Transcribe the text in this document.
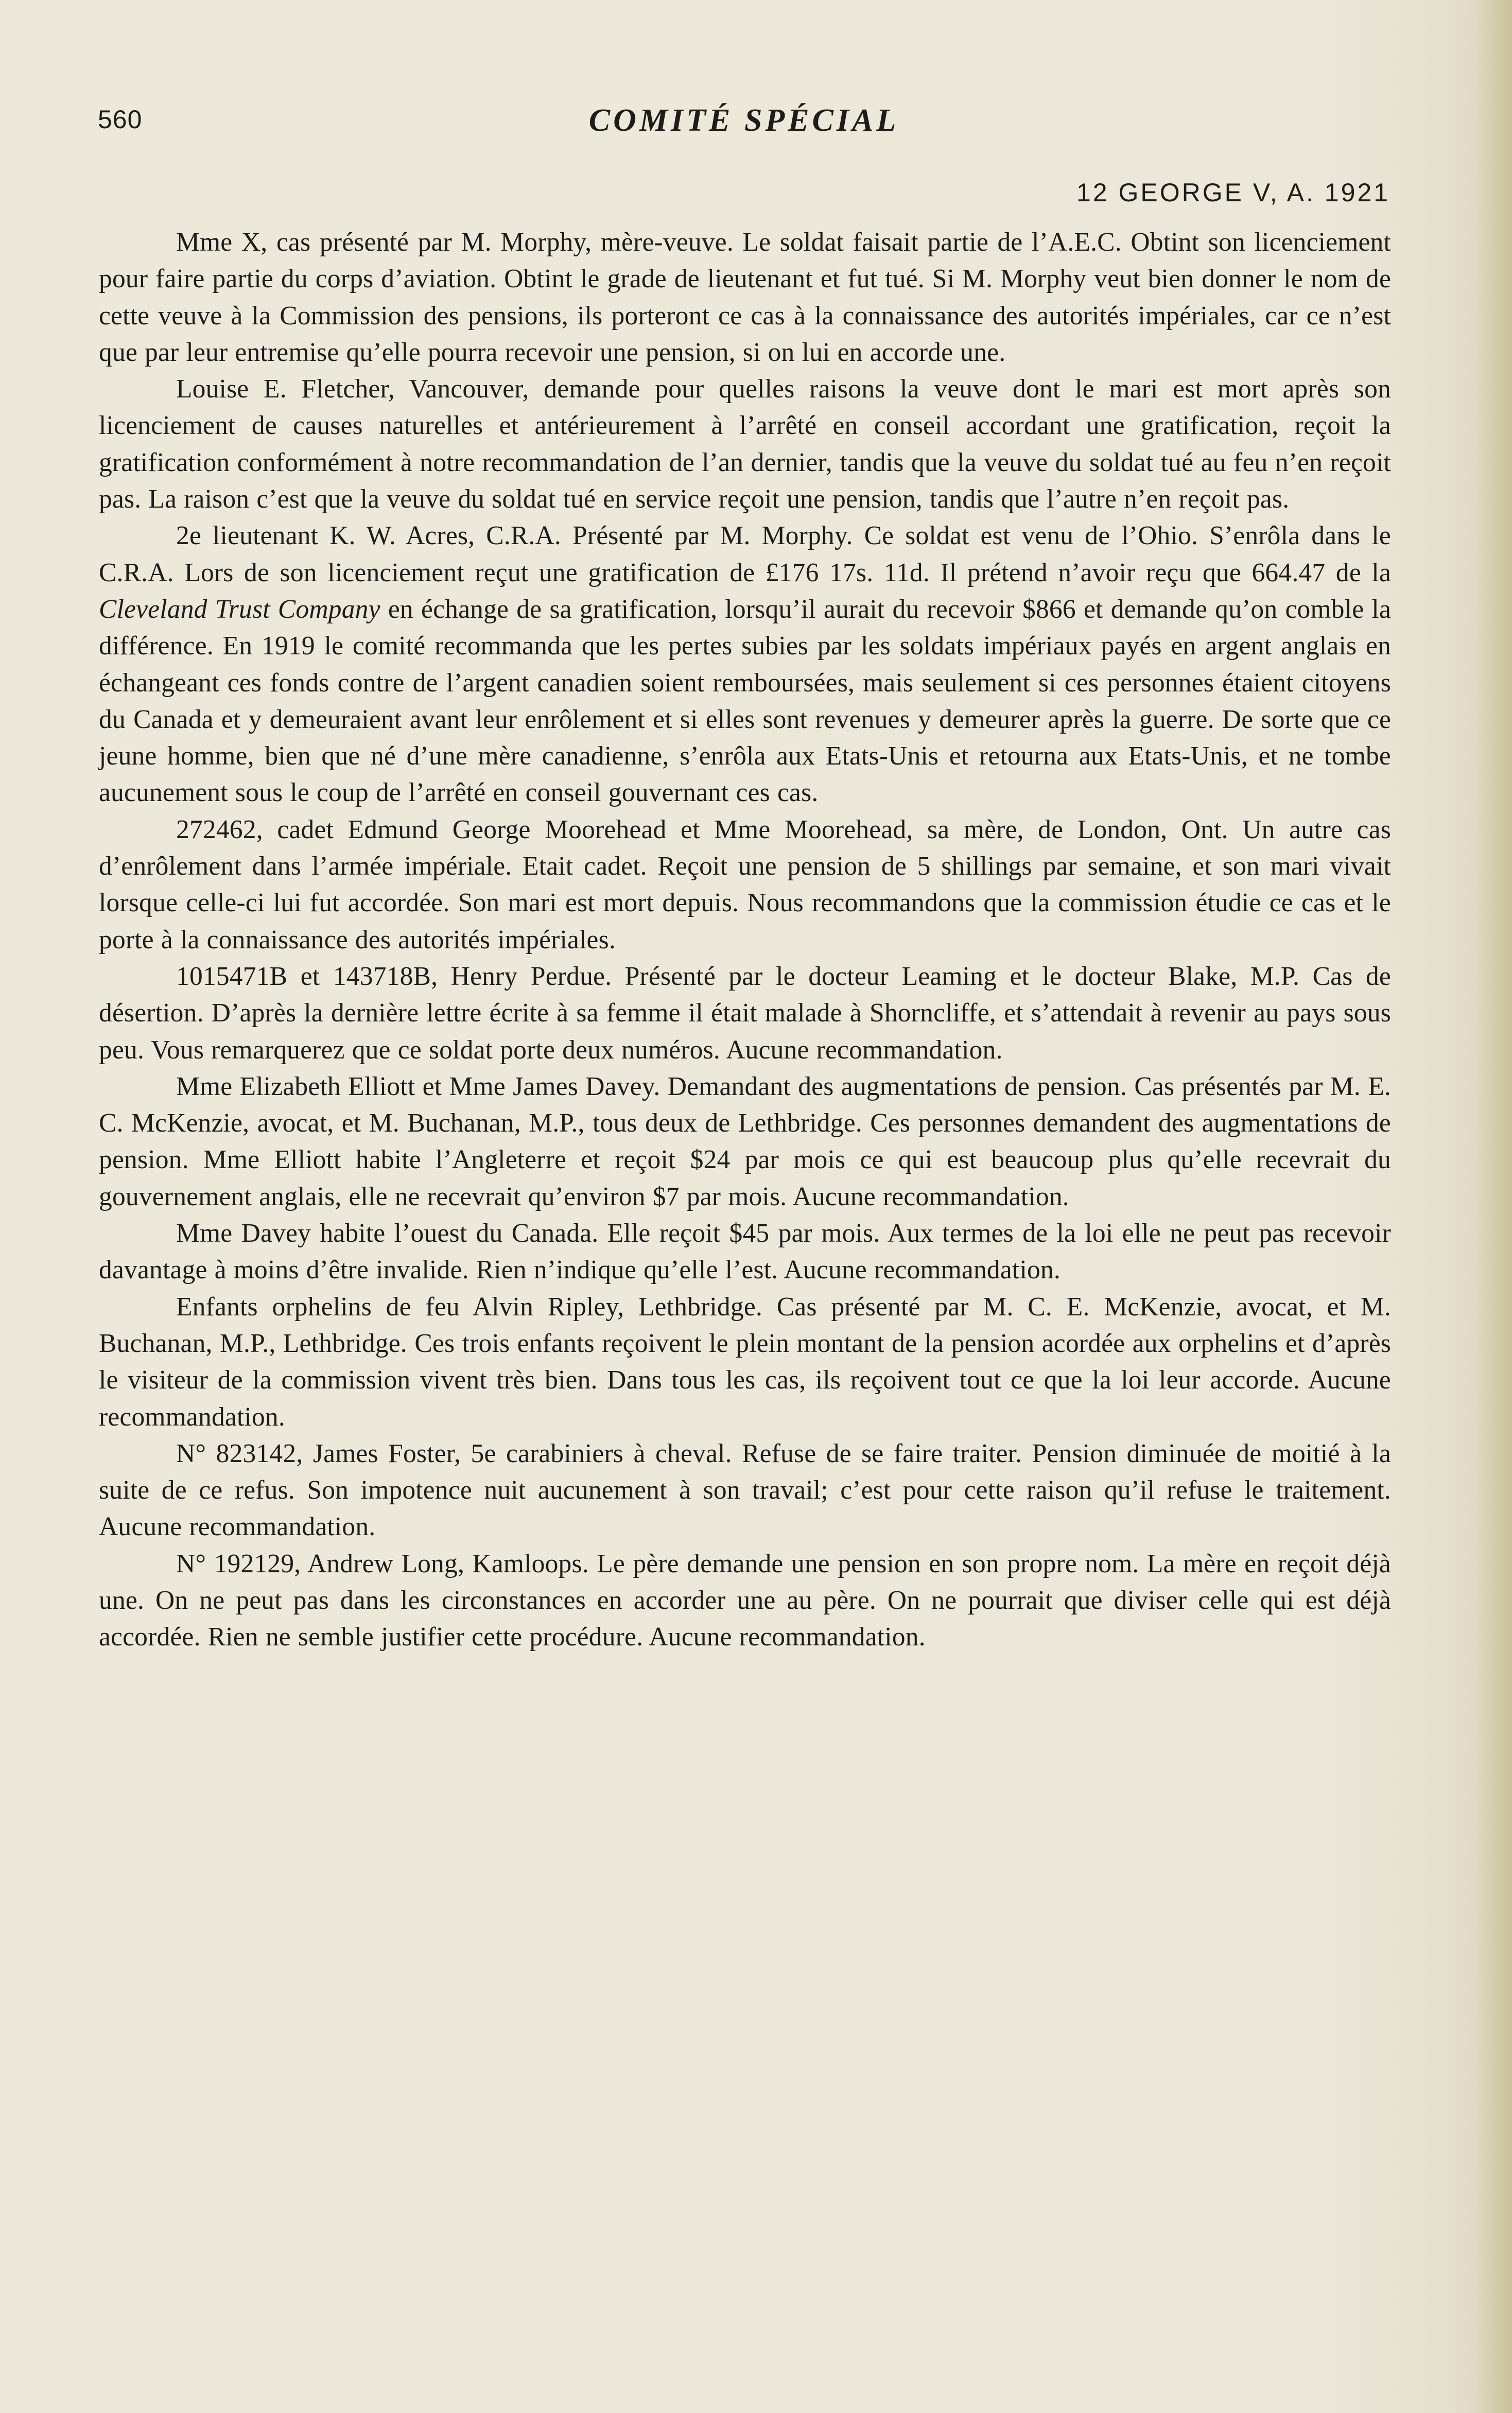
560	COMITÉ SPÉCIAL
12 GEORGE V, A. 1921

Mme X, cas présenté par M. Morphy, mère-veuve. Le soldat faisait partie de l’A.E.C. Obtint son licenciement pour faire partie du corps d’aviation. Obtint le grade de lieutenant et fut tué. Si M. Morphy veut bien donner le nom de cette veuve à la Commission des pensions, ils porteront ce cas à la connaissance des autorités impériales, car ce n’est que par leur entremise qu’elle pourra recevoir une pension, si on lui en accorde une.

Louise E. Fletcher, Vancouver, demande pour quelles raisons la veuve dont le mari est mort après son licenciement de causes naturelles et antérieurement à l’arrêté en conseil accordant une gratification, reçoit la gratification conformément à notre recommandation de l’an dernier, tandis que la veuve du soldat tué au feu n’en reçoit pas. La raison c’est que la veuve du soldat tué en service reçoit une pension, tandis que l’autre n’en reçoit pas.

2e lieutenant K. W. Acres, C.R.A. Présenté par M. Morphy. Ce soldat est venu de l’Ohio. S’enrôla dans le C.R.A. Lors de son licenciement reçut une gratification de £176 17s. 11d. Il prétend n’avoir reçu que 664.47 de la Cleveland Trust Company en échange de sa gratification, lorsqu’il aurait du recevoir $866 et demande qu’on comble la différence. En 1919 le comité recommanda que les pertes subies par les soldats impériaux payés en argent anglais en échangeant ces fonds contre de l’argent canadien soient remboursées, mais seulement si ces personnes étaient citoyens du Canada et y demeuraient avant leur enrôlement et si elles sont revenues y demeurer après la guerre. De sorte que ce jeune homme, bien que né d’une mère canadienne, s’enrôla aux Etats-Unis et retourna aux Etats-Unis, et ne tombe aucunement sous le coup de l’arrêté en conseil gouvernant ces cas.

272462, cadet Edmund George Moorehead et Mme Moorehead, sa mère, de London, Ont. Un autre cas d’enrôlement dans l’armée impériale. Etait cadet. Reçoit une pension de 5 shillings par semaine, et son mari vivait lorsque celle-ci lui fut accordée. Son mari est mort depuis. Nous recommandons que la commission étudie ce cas et le porte à la connaissance des autorités impériales.

1015471B et 143718B, Henry Perdue. Présenté par le docteur Leaming et le docteur Blake, M.P. Cas de désertion. D’après la dernière lettre écrite à sa femme il était malade à Shorncliffe, et s’attendait à revenir au pays sous peu. Vous remarquerez que ce soldat porte deux numéros. Aucune recommandation.

Mme Elizabeth Elliott et Mme James Davey. Demandant des augmentations de pension. Cas présentés par M. E. C. McKenzie, avocat, et M. Buchanan, M.P., tous deux de Lethbridge. Ces personnes demandent des augmentations de pension. Mme Elliott habite l’Angleterre et reçoit $24 par mois ce qui est beaucoup plus qu’elle recevrait du gouvernement anglais, elle ne recevrait qu’environ $7 par mois. Aucune recommandation.

Mme Davey habite l’ouest du Canada. Elle reçoit $45 par mois. Aux termes de la loi elle ne peut pas recevoir davantage à moins d’être invalide. Rien n’indique qu’elle l’est. Aucune recommandation.

Enfants orphelins de feu Alvin Ripley, Lethbridge. Cas présenté par M. C. E. McKenzie, avocat, et M. Buchanan, M.P., Lethbridge. Ces trois enfants reçoivent le plein montant de la pension acordée aux orphelins et d’après le visiteur de la commission vivent très bien. Dans tous les cas, ils reçoivent tout ce que la loi leur accorde. Aucune recommandation.

N° 823142, James Foster, 5e carabiniers à cheval. Refuse de se faire traiter. Pension diminuée de moitié à la suite de ce refus. Son impotence nuit aucunement à son travail; c’est pour cette raison qu’il refuse le traitement. Aucune recommandation.

N° 192129, Andrew Long, Kamloops. Le père demande une pension en son propre nom. La mère en reçoit déjà une. On ne peut pas dans les circonstances en accorder une au père. On ne pourrait que diviser celle qui est déjà accordée. Rien ne semble justifier cette procédure. Aucune recommandation.
